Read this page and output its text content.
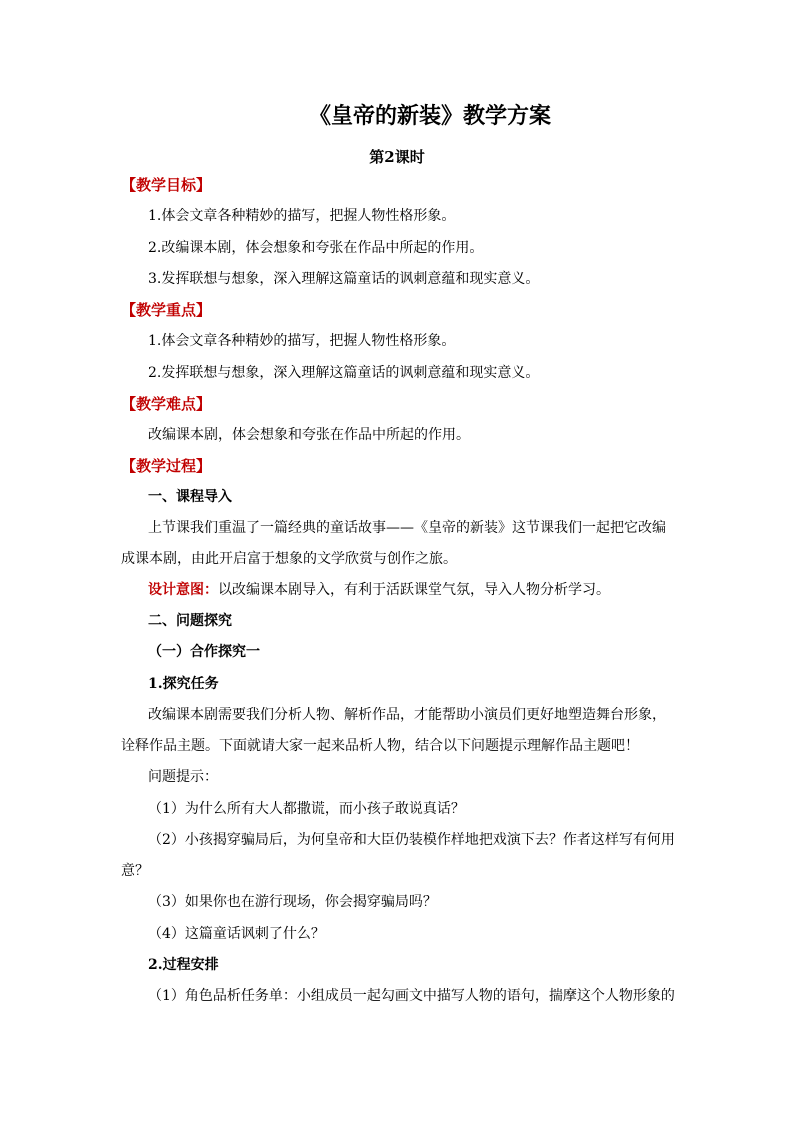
《皇帝的新装》教学方案
第2课时
【教学目标】
1.体会文章各种精妙的描写，把握人物性格形象。
2.改编课本剧，体会想象和夸张在作品中所起的作用。
3.发挥联想与想象，深入理解这篇童话的讽刺意蕴和现实意义。
【教学重点】
1.体会文章各种精妙的描写，把握人物性格形象。
2.发挥联想与想象，深入理解这篇童话的讽刺意蕴和现实意义。
【教学难点】
改编课本剧，体会想象和夸张在作品中所起的作用。
【教学过程】
一、课程导入
上节课我们重温了一篇经典的童话故事——《皇帝的新装》这节课我们一起把它改编
成课本剧，由此开启富于想象的文学欣赏与创作之旅。
设计意图：以改编课本剧导入，有利于活跃课堂气氛，导入人物分析学习。
二、问题探究
（一）合作探究一
1.探究任务
改编课本剧需要我们分析人物、解析作品，才能帮助小演员们更好地塑造舞台形象，
诠释作品主题。下面就请大家一起来品析人物，结合以下问题提示理解作品主题吧！
问题提示：
（1）为什么所有大人都撒谎，而小孩子敢说真话？
（2）小孩揭穿骗局后，为何皇帝和大臣仍装模作样地把戏演下去？作者这样写有何用
意？
（3）如果你也在游行现场，你会揭穿骗局吗？
（4）这篇童话讽刺了什么？
2.过程安排
（1）角色品析任务单：小组成员一起勾画文中描写人物的语句，揣摩这个人物形象的
